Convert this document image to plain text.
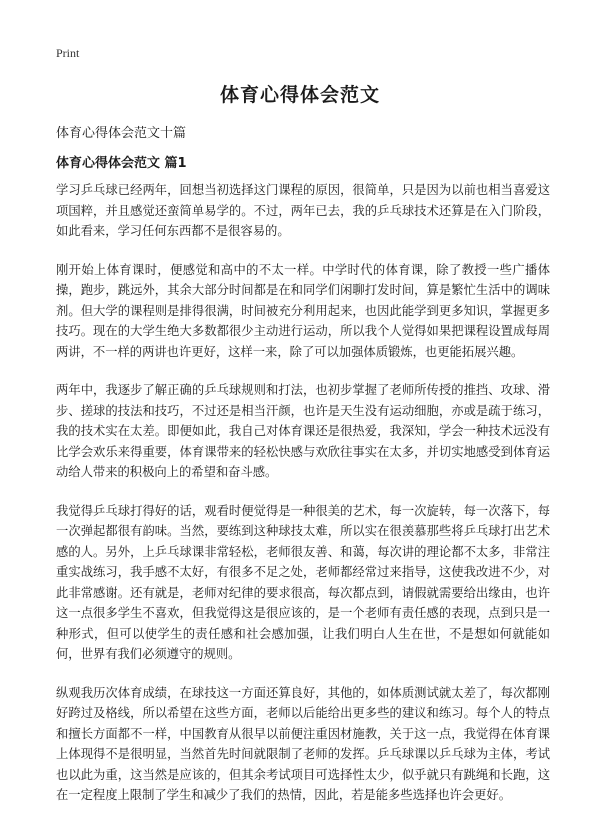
Print
体育心得体会范文
体育心得体会范文十篇
体育心得体会范文 篇1

学习乒乓球已经两年，回想当初选择这门课程的原因，很简单，只是因为以前也相当喜爱这项国粹，并且感觉还蛮简单易学的。不过，两年已去，我的乒乓球技术还算是在入门阶段，如此看来，学习任何东西都不是很容易的。

刚开始上体育课时，便感觉和高中的不太一样。中学时代的体育课，除了教授一些广播体操，跑步，跳远外，其余大部分时间都是在和同学们闲聊打发时间，算是繁忙生活中的调味剂。但大学的课程则是排得很满，时间被充分利用起来，也因此能学到更多知识，掌握更多技巧。现在的大学生绝大多数都很少主动进行运动，所以我个人觉得如果把课程设置成每周两讲，不一样的两讲也许更好，这样一来，除了可以加强体质锻炼，也更能拓展兴趣。

两年中，我逐步了解正确的乒乓球规则和打法，也初步掌握了老师所传授的推挡、攻球、滑步、搓球的技法和技巧，不过还是相当汗颜，也许是天生没有运动细胞，亦或是疏于练习，我的技术实在太差。即便如此，我自己对体育课还是很热爱，我深知，学会一种技术远没有比学会欢乐来得重要，体育课带来的轻松快感与欢欣往事实在太多，并切实地感受到体育运动给人带来的积极向上的希望和奋斗感。

我觉得乒乓球打得好的话，观看时便觉得是一种很美的艺术，每一次旋转，每一次落下，每一次弹起都很有韵味。当然，要练到这种球技太难，所以实在很羡慕那些将乒乓球打出艺术感的人。另外，上乒乓球课非常轻松，老师很友善、和蔼，每次讲的理论都不太多，非常注重实战练习，我手感不太好，有很多不足之处，老师都经常过来指导，这使我改进不少，对此非常感谢。还有就是，老师对纪律的要求很高，每次都点到，请假就需要给出缘由，也许这一点很多学生不喜欢，但我觉得这是很应该的，是一个老师有责任感的表现，点到只是一种形式，但可以使学生的责任感和社会感加强，让我们明白人生在世，不是想如何就能如何，世界有我们必须遵守的规则。

纵观我历次体育成绩，在球技这一方面还算良好，其他的，如体质测试就太差了，每次都刚好跨过及格线，所以希望在这些方面，老师以后能给出更多些的建议和练习。每个人的特点和擅长方面都不一样，中国教育从很早以前便注重因材施教，关于这一点，我觉得在体育课上体现得不是很明显，当然首先时间就限制了老师的发挥。乒乓球课以乒乓球为主体，考试也以此为重，这当然是应该的，但其余考试项目可选择性太少，似乎就只有跳绳和长跑，这在一定程度上限制了学生和减少了我们的热情，因此，若是能多些选择也许会更好。
